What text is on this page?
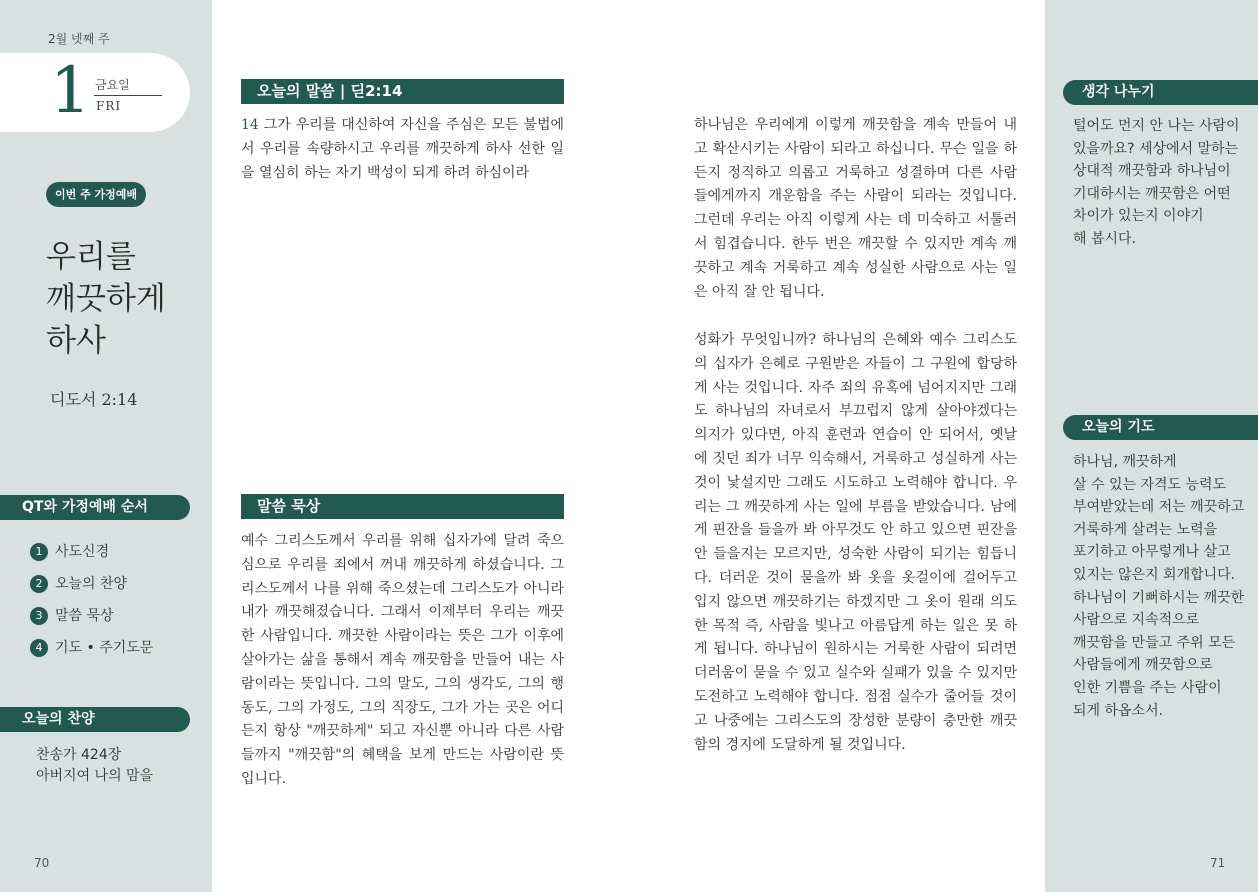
2월 넷째 주
1 금요일
FRI
이번 주 가정예배
우리를
깨끗하게
하사
디도서 2:14
QT와 가정예배 순서
1 사도신경
2 오늘의 찬양
3 말씀 묵상
4 기도 • 주기도문
오늘의 찬양
찬송가 424장
아버지여 나의 맘을
70
오늘의 말씀 | 딛2:14
14 그가 우리를 대신하여 자신을 주심은 모든 불법에서 우리를 속량하시고 우리를 깨끗하게 하사 선한 일을 열심히 하는 자기 백성이 되게 하려 하심이라
말씀 묵상
예수 그리스도께서 우리를 위해 십자가에 달려 죽으심으로 우리를 죄에서 꺼내 깨끗하게 하셨습니다. 그리스도께서 나를 위해 죽으셨는데 그리스도가 아니라 내가 깨끗해졌습니다. 그래서 이제부터 우리는 깨끗한 사람입니다. 깨끗한 사람이라는 뜻은 그가 이후에 살아가는 삶을 통해서 계속 깨끗함을 만들어 내는 사람이라는 뜻입니다. 그의 말도, 그의 생각도, 그의 행동도, 그의 가정도, 그의 직장도, 그가 가는 곳은 어디든지 항상 "깨끗하게" 되고 자신뿐 아니라 다른 사람들까지 "깨끗함"의 혜택을 보게 만드는 사람이란 뜻입니다.
하나님은 우리에게 이렇게 깨끗함을 계속 만들어 내고 확산시키는 사람이 되라고 하십니다. 무슨 일을 하든지 정직하고 의롭고 거룩하고 성결하며 다른 사람들에게까지 개운함을 주는 사람이 되라는 것입니다. 그런데 우리는 아직 이렇게 사는 데 미숙하고 서툴러서 힘겹습니다. 한두 번은 깨끗할 수 있지만 계속 깨끗하고 계속 거룩하고 계속 성실한 사람으로 사는 일은 아직 잘 안 됩니다.
성화가 무엇입니까? 하나님의 은혜와 예수 그리스도의 십자가 은혜로 구원받은 자들이 그 구원에 합당하게 사는 것입니다. 자주 죄의 유혹에 넘어지지만 그래도 하나님의 자녀로서 부끄럽지 않게 살아야겠다는 의지가 있다면, 아직 훈련과 연습이 안 되어서, 옛날에 짓던 죄가 너무 익숙해서, 거룩하고 성실하게 사는 것이 낯설지만 그래도 시도하고 노력해야 합니다. 우리는 그 깨끗하게 사는 일에 부름을 받았습니다. 남에게 핀잔을 들을까 봐 아무것도 안 하고 있으면 핀잔을 안 들을지는 모르지만, 성숙한 사람이 되기는 힘듭니다. 더러운 것이 묻을까 봐 옷을 옷걸이에 걸어두고 입지 않으면 깨끗하기는 하겠지만 그 옷이 원래 의도한 목적 즉, 사람을 빛나고 아름답게 하는 일은 못 하게 됩니다. 하나님이 원하시는 거룩한 사람이 되려면 더러움이 묻을 수 있고 실수와 실패가 있을 수 있지만 도전하고 노력해야 합니다. 점점 실수가 줄어들 것이고 나중에는 그리스도의 장성한 분량이 충만한 깨끗함의 경지에 도달하게 될 것입니다.
생각 나누기
털어도 먼지 안 나는 사람이
있을까요? 세상에서 말하는
상대적 깨끗함과 하나님이
기대하시는 깨끗함은 어떤
차이가 있는지 이야기
해 봅시다.
오늘의 기도
하나님, 깨끗하게
살 수 있는 자격도 능력도
부여받았는데 저는 깨끗하고
거룩하게 살려는 노력을
포기하고 아무렇게나 살고
있지는 않은지 회개합니다.
하나님이 기뻐하시는 깨끗한
사람으로 지속적으로
깨끗함을 만들고 주위 모든
사람들에게 깨끗함으로
인한 기쁨을 주는 사람이
되게 하옵소서.
71
